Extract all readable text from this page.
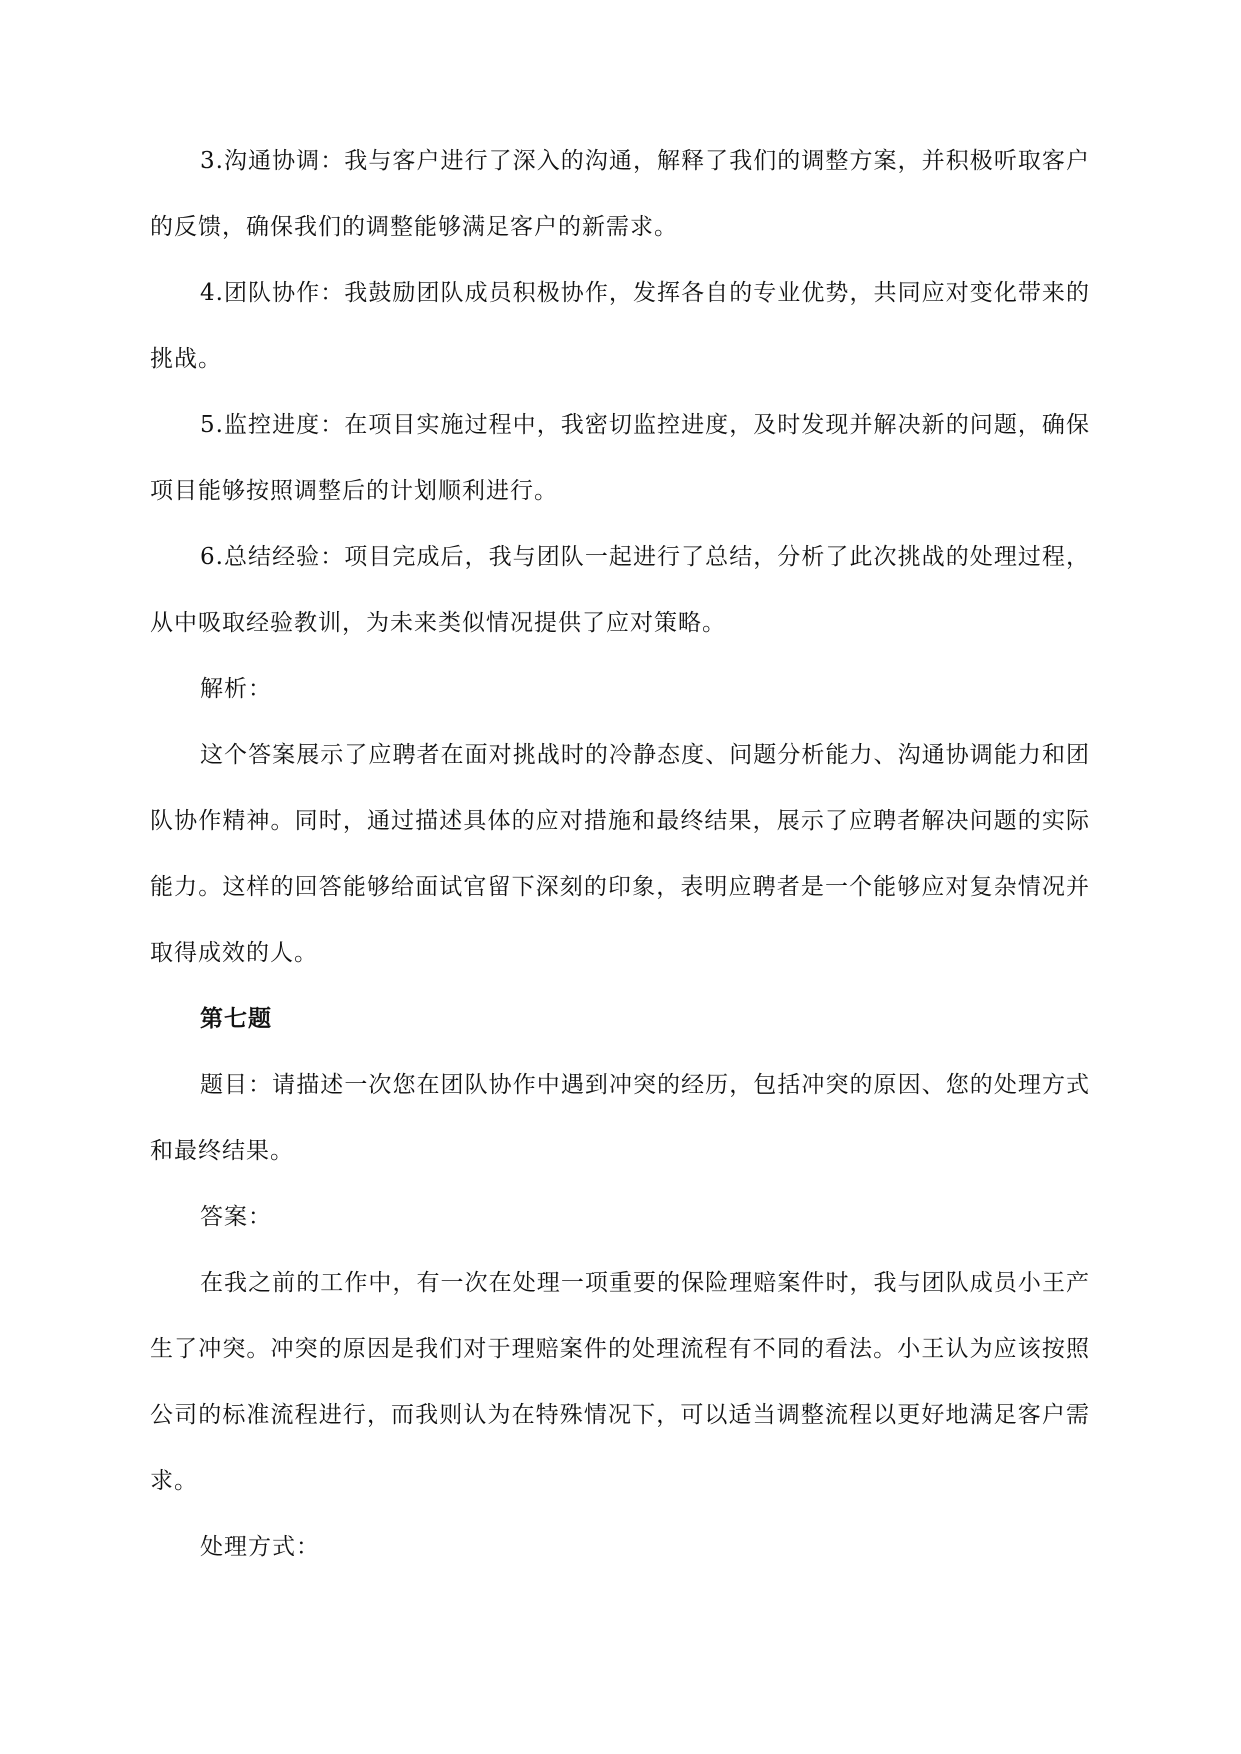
3.沟通协调：我与客户进行了深入的沟通，解释了我们的调整方案，并积极听取客户的反馈，确保我们的调整能够满足客户的新需求。

4.团队协作：我鼓励团队成员积极协作，发挥各自的专业优势，共同应对变化带来的挑战。

5.监控进度：在项目实施过程中，我密切监控进度，及时发现并解决新的问题，确保项目能够按照调整后的计划顺利进行。

6.总结经验：项目完成后，我与团队一起进行了总结，分析了此次挑战的处理过程，从中吸取经验教训，为未来类似情况提供了应对策略。

解析：

这个答案展示了应聘者在面对挑战时的冷静态度、问题分析能力、沟通协调能力和团队协作精神。同时，通过描述具体的应对措施和最终结果，展示了应聘者解决问题的实际能力。这样的回答能够给面试官留下深刻的印象，表明应聘者是一个能够应对复杂情况并取得成效的人。

第七题

题目：请描述一次您在团队协作中遇到冲突的经历，包括冲突的原因、您的处理方式和最终结果。

答案：

在我之前的工作中，有一次在处理一项重要的保险理赔案件时，我与团队成员小王产生了冲突。冲突的原因是我们对于理赔案件的处理流程有不同的看法。小王认为应该按照公司的标准流程进行，而我则认为在特殊情况下，可以适当调整流程以更好地满足客户需求。

处理方式：
